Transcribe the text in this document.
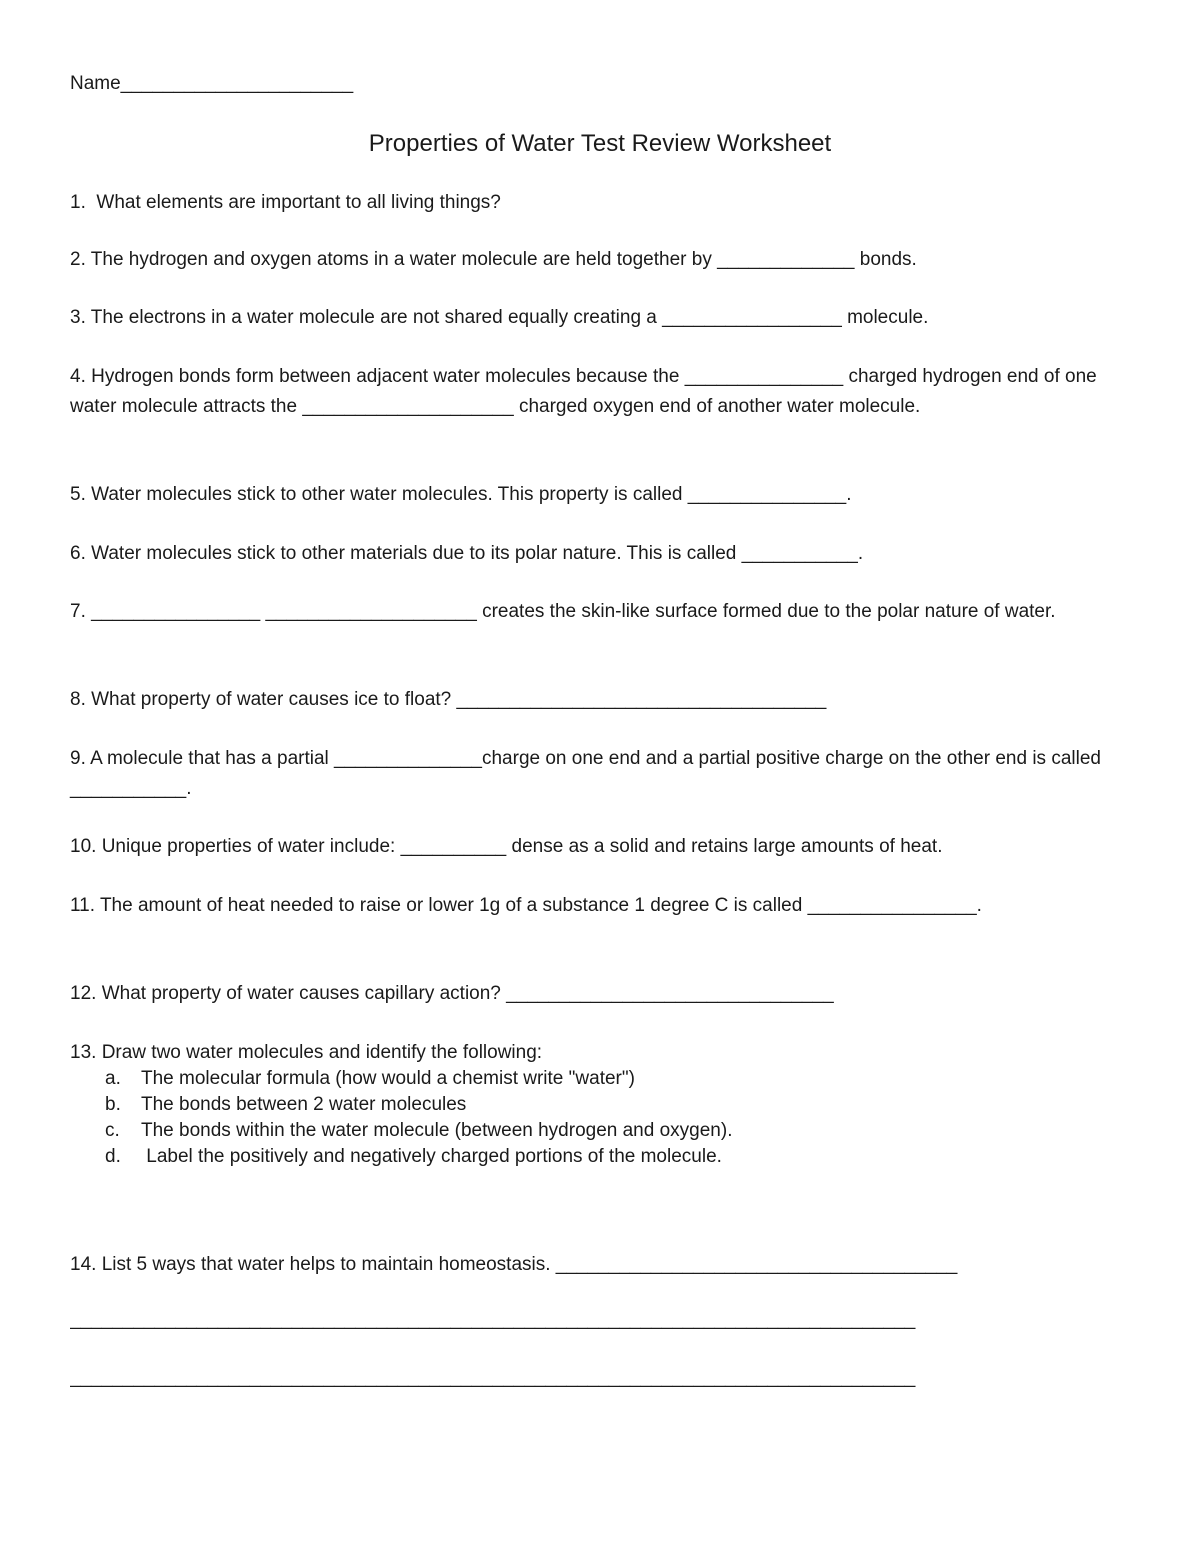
Name______________________
Properties of Water Test Review Worksheet
1.  What elements are important to all living things?
2. The hydrogen and oxygen atoms in a water molecule are held together by _____________ bonds.
3. The electrons in a water molecule are not shared equally creating a _________________ molecule.
4. Hydrogen bonds form between adjacent water molecules because the _______________ charged hydrogen end of one water molecule attracts the ____________________ charged oxygen end of another water molecule.
5. Water molecules stick to other water molecules. This property is called _______________.
6. Water molecules stick to other materials due to its polar nature. This is called ___________.
7. ________________ ____________________ creates the skin-like surface formed due to the polar nature of water.
8. What property of water causes ice to float? ___________________________________
9. A molecule that has a partial ______________charge on one end and a partial positive charge on the other end is called ___________.
10. Unique properties of water include: __________ dense as a solid and retains large amounts of heat.
11. The amount of heat needed to raise or lower 1g of a substance 1 degree C is called ________________.
12. What property of water causes capillary action? _______________________________
13. Draw two water molecules and identify the following:
a. The molecular formula (how would a chemist write "water")
b. The bonds between 2 water molecules
c. The bonds within the water molecule (between hydrogen and oxygen).
d. Label the positively and negatively charged portions of the molecule.
14. List 5 ways that water helps to maintain homeostasis. ______________________________________
________________________________________________________________________________
________________________________________________________________________________
